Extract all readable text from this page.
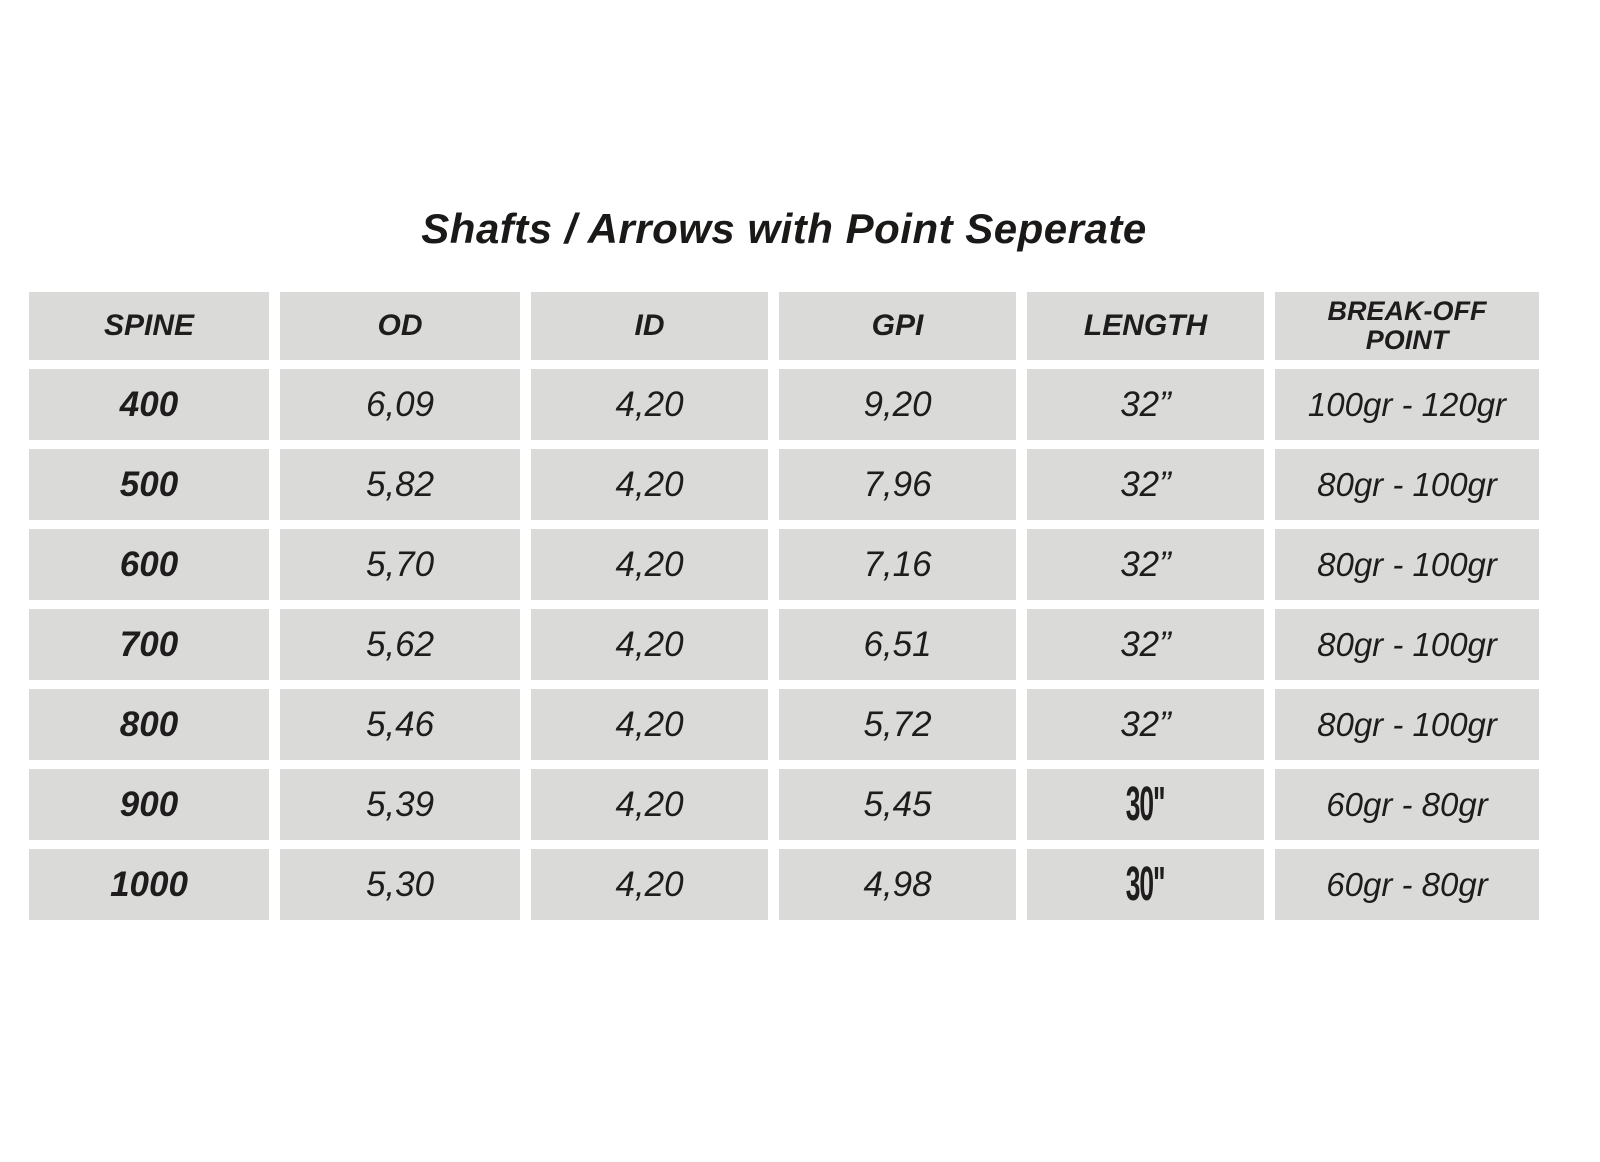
Shafts / Arrows with Point Seperate
SPINE	OD	ID	GPI	LENGTH	BREAK-OFF POINT
400	6,09	4,20	9,20	32”	100gr - 120gr
500	5,82	4,20	7,96	32”	80gr - 100gr
600	5,70	4,20	7,16	32”	80gr - 100gr
700	5,62	4,20	6,51	32”	80gr - 100gr
800	5,46	4,20	5,72	32”	80gr - 100gr
900	5,39	4,20	5,45	30"	60gr - 80gr
1000	5,30	4,20	4,98	30"	60gr - 80gr
